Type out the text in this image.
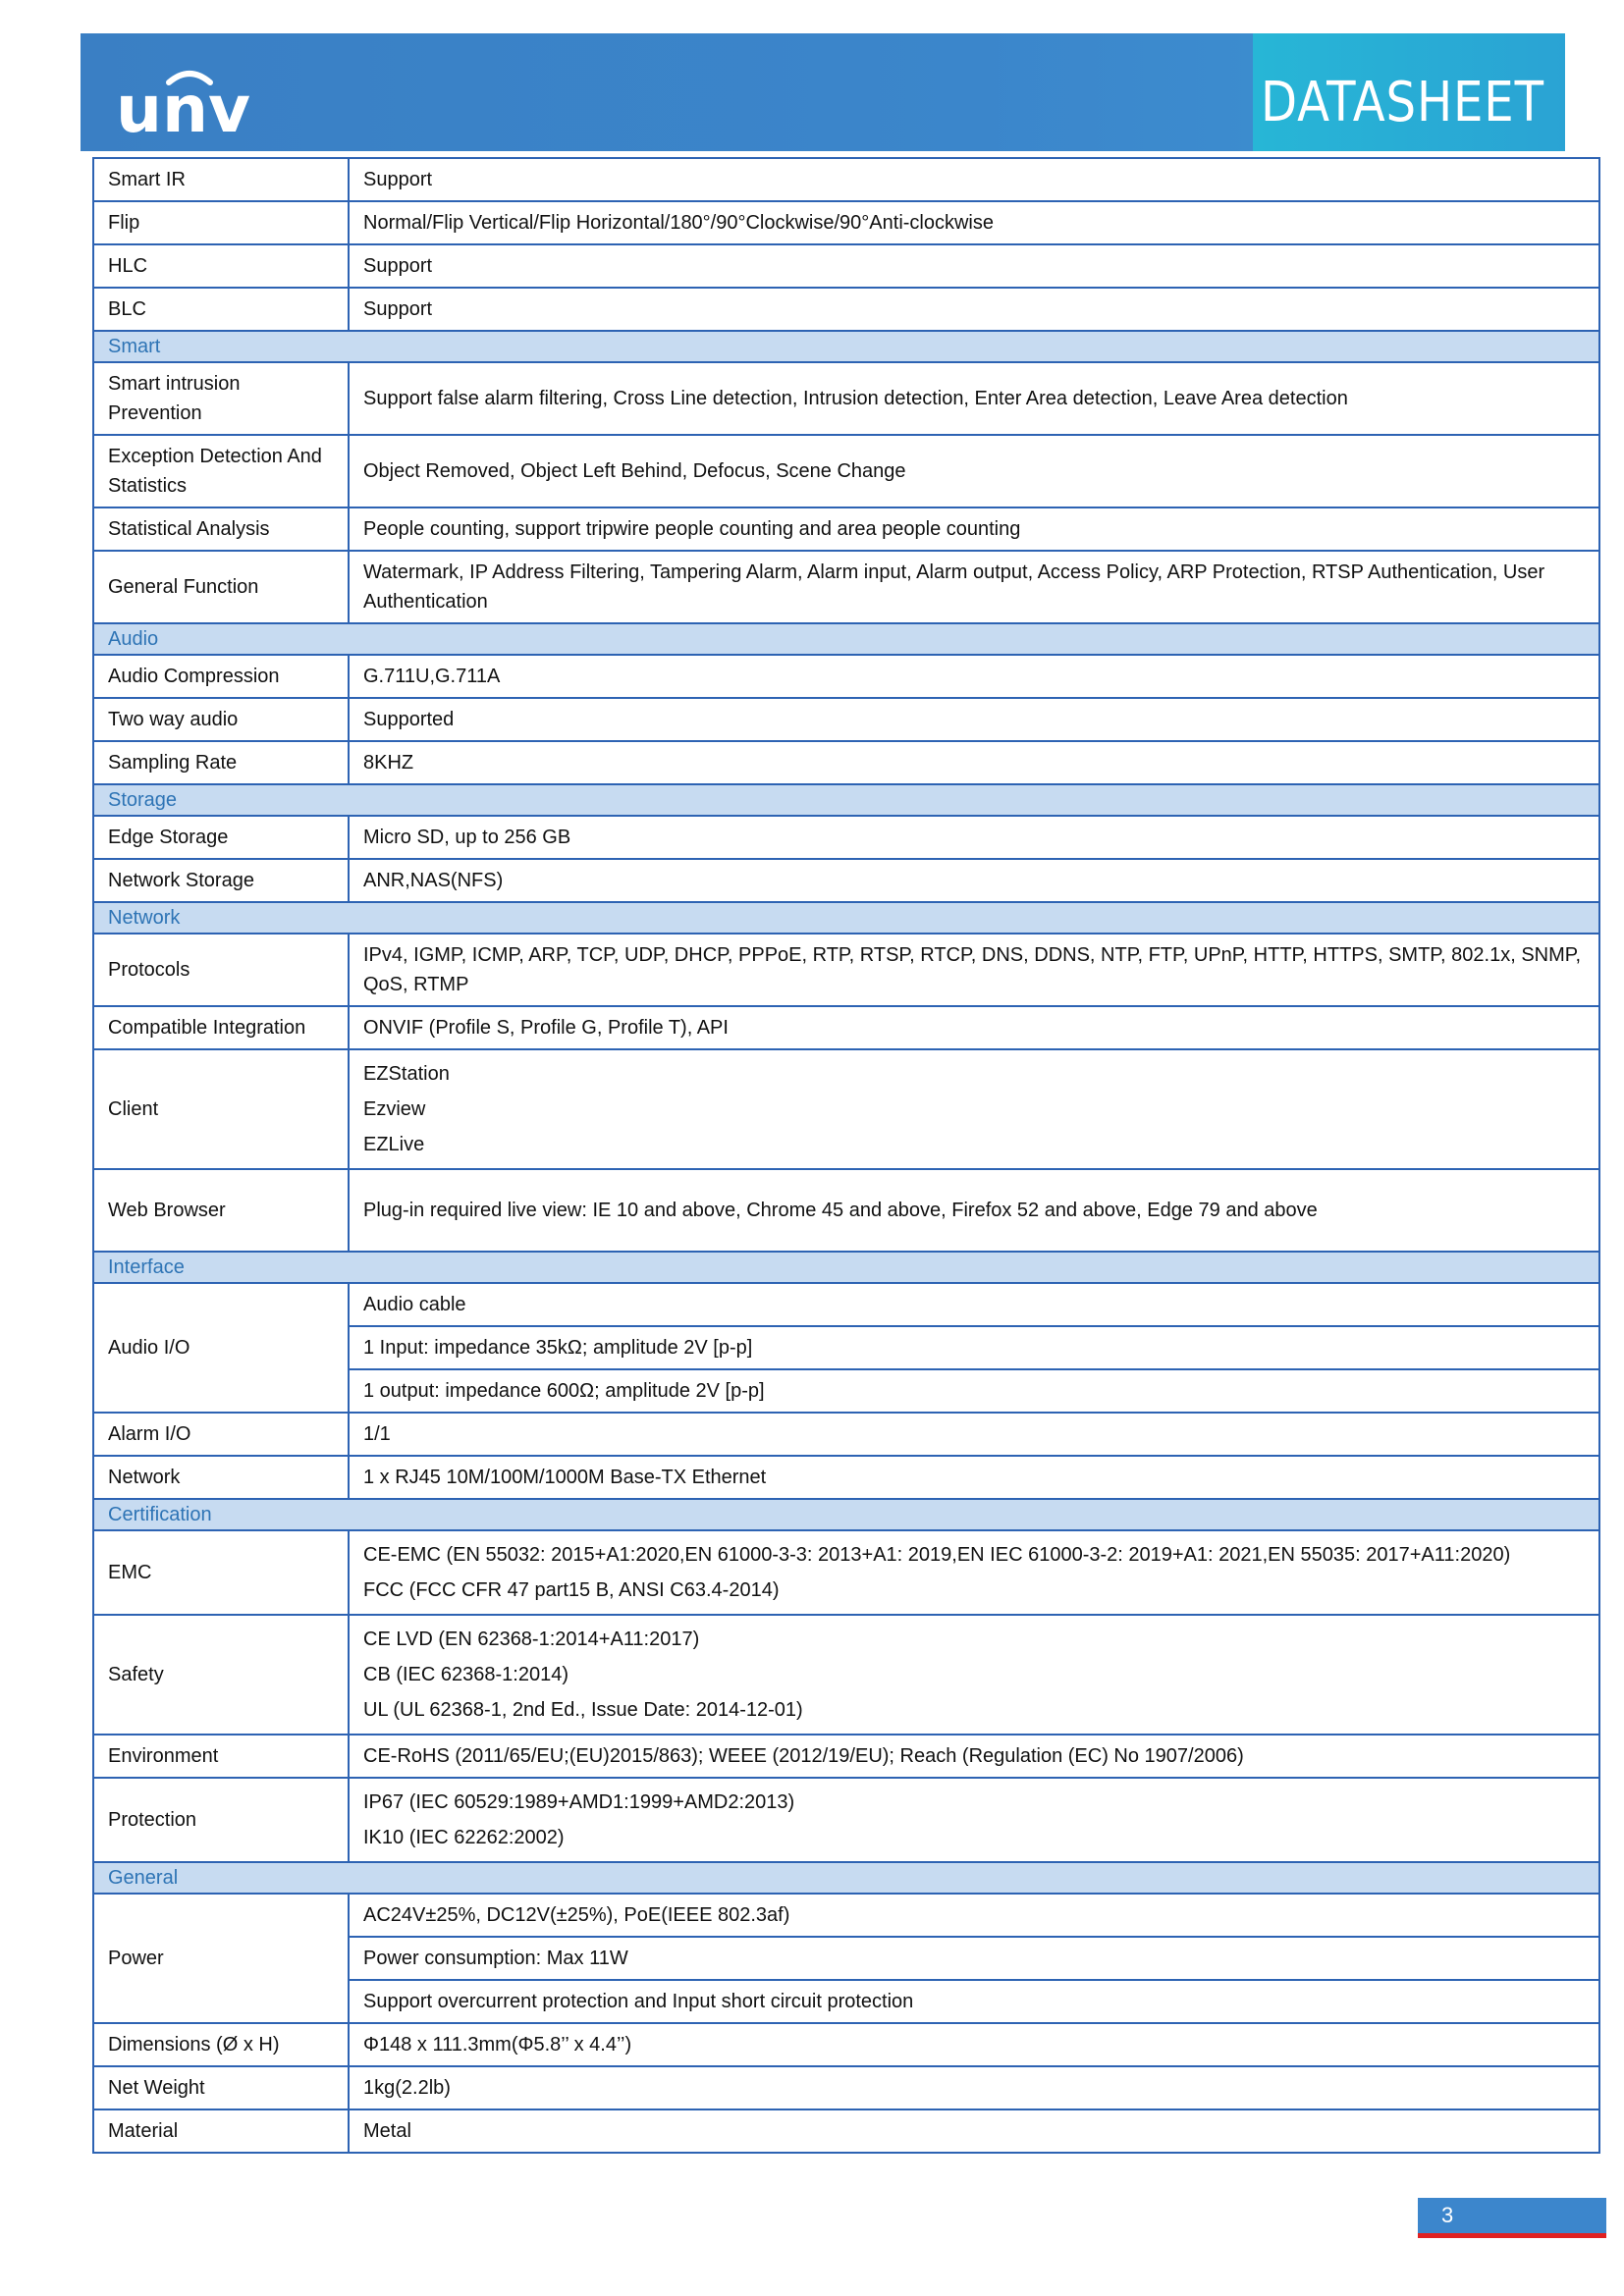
unv	DATASHEET
Smart IR	Support
Flip	Normal/Flip Vertical/Flip Horizontal/180°/90°Clockwise/90°Anti-clockwise
HLC	Support
BLC	Support
Smart	
Smart intrusion Prevention	Support false alarm filtering, Cross Line detection, Intrusion detection, Enter Area detection, Leave Area detection
Exception Detection And Statistics	Object Removed, Object Left Behind, Defocus, Scene Change
Statistical Analysis	People counting, support tripwire people counting and area people counting
General Function	Watermark, IP Address Filtering, Tampering Alarm, Alarm input, Alarm output, Access Policy, ARP Protection, RTSP Authentication, User Authentication
Audio	
Audio Compression	G.711U,G.711A
Two way audio	Supported
Sampling Rate	8KHZ
Storage	
Edge Storage	Micro SD, up to 256 GB
Network Storage	ANR,NAS(NFS)
Network	
Protocols	IPv4, IGMP, ICMP, ARP, TCP, UDP, DHCP, PPPoE, RTP, RTSP, RTCP, DNS, DDNS, NTP, FTP, UPnP, HTTP, HTTPS, SMTP, 802.1x, SNMP, QoS, RTMP
Compatible Integration	ONVIF (Profile S, Profile G, Profile T), API
Client	EZStation
Ezview
EZLive

Web Browser	Plug-in required live view: IE 10 and above, Chrome 45 and above, Firefox 52 and above, Edge 79 and above
Interface	
Audio I/O	Audio cable
	1 Input: impedance 35kΩ; amplitude 2V [p-p]
	1 output: impedance 600Ω; amplitude 2V [p-p]
Alarm I/O	1/1
Network	1 x RJ45 10M/100M/1000M Base-TX Ethernet
Certification	
EMC	CE-EMC (EN 55032: 2015+A1:2020,EN 61000-3-3: 2013+A1: 2019,EN IEC 61000-3-2: 2019+A1: 2021,EN 55035: 2017+A11:2020)
FCC (FCC CFR 47 part15 B, ANSI C63.4-2014)

Safety	CE LVD (EN 62368-1:2014+A11:2017)
CB (IEC 62368-1:2014)
UL (UL 62368-1, 2nd Ed., Issue Date: 2014-12-01)

Environment	CE-RoHS (2011/65/EU;(EU)2015/863); WEEE (2012/19/EU); Reach (Regulation (EC) No 1907/2006)
Protection	IP67 (IEC 60529:1989+AMD1:1999+AMD2:2013)
IK10 (IEC 62262:2002)

General	
Power	AC24V±25%, DC12V(±25%), PoE(IEEE 802.3af)
	Power consumption: Max 11W
	Support overcurrent protection and Input short circuit protection
Dimensions (Ø x H)	Φ148 x 111.3mm(Φ5.8’’ x 4.4’’)
Net Weight	1kg(2.2lb)
Material	Metal
3
